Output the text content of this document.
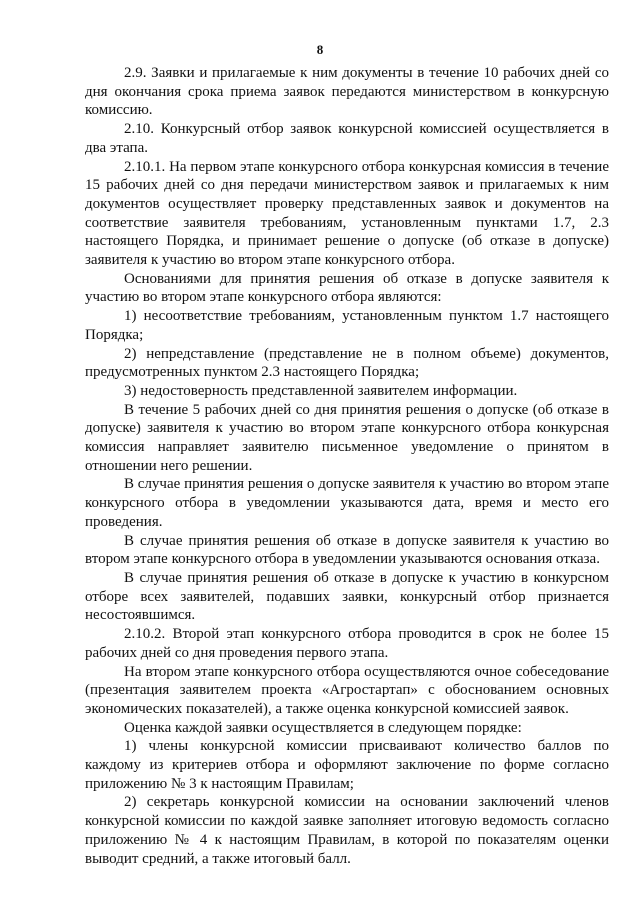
8

2.9. Заявки и прилагаемые к ним документы в течение 10 рабочих дней со дня окончания срока приема заявок передаются министерством в конкурсную комиссию.

2.10. Конкурсный отбор заявок конкурсной комиссией осуществляется в два этапа.

2.10.1. На первом этапе конкурсного отбора конкурсная комиссия в течение 15 рабочих дней со дня передачи министерством заявок и прилагаемых к ним документов осуществляет проверку представленных заявок и документов на соответствие заявителя требованиям, установленным пунктами 1.7, 2.3 настоящего Порядка, и принимает решение о допуске (об отказе в допуске) заявителя к участию во втором этапе конкурсного отбора.

Основаниями для принятия решения об отказе в допуске заявителя к участию во втором этапе конкурсного отбора являются:

1) несоответствие требованиям, установленным пунктом 1.7 настоящего Порядка;

2) непредставление (представление не в полном объеме) документов, предусмотренных пунктом 2.3 настоящего Порядка;

3) недостоверность представленной заявителем информации.

В течение 5 рабочих дней со дня принятия решения о допуске (об отказе в допуске) заявителя к участию во втором этапе конкурсного отбора конкурсная комиссия направляет заявителю письменное уведомление о принятом в отношении него решении.

В случае принятия решения о допуске заявителя к участию во втором этапе конкурсного отбора в уведомлении указываются дата, время и место его проведения.

В случае принятия решения об отказе в допуске заявителя к участию во втором этапе конкурсного отбора в уведомлении указываются основания отказа.

В случае принятия решения об отказе в допуске к участию в конкурсном отборе всех заявителей, подавших заявки, конкурсный отбор признается несостоявшимся.

2.10.2. Второй этап конкурсного отбора проводится в срок не более 15 рабочих дней со дня проведения первого этапа.

На втором этапе конкурсного отбора осуществляются очное собеседование (презентация заявителем проекта «Агростартап» с обоснованием основных экономических показателей), а также оценка конкурсной комиссией заявок.

Оценка каждой заявки осуществляется в следующем порядке:

1) члены конкурсной комиссии присваивают количество баллов по каждому из критериев отбора и оформляют заключение по форме согласно приложению № 3 к настоящим Правилам;

2) секретарь конкурсной комиссии на основании заключений членов конкурсной комиссии по каждой заявке заполняет итоговую ведомость согласно приложению № 4 к настоящим Правилам, в которой по показателям оценки выводит средний, а также итоговый балл.
